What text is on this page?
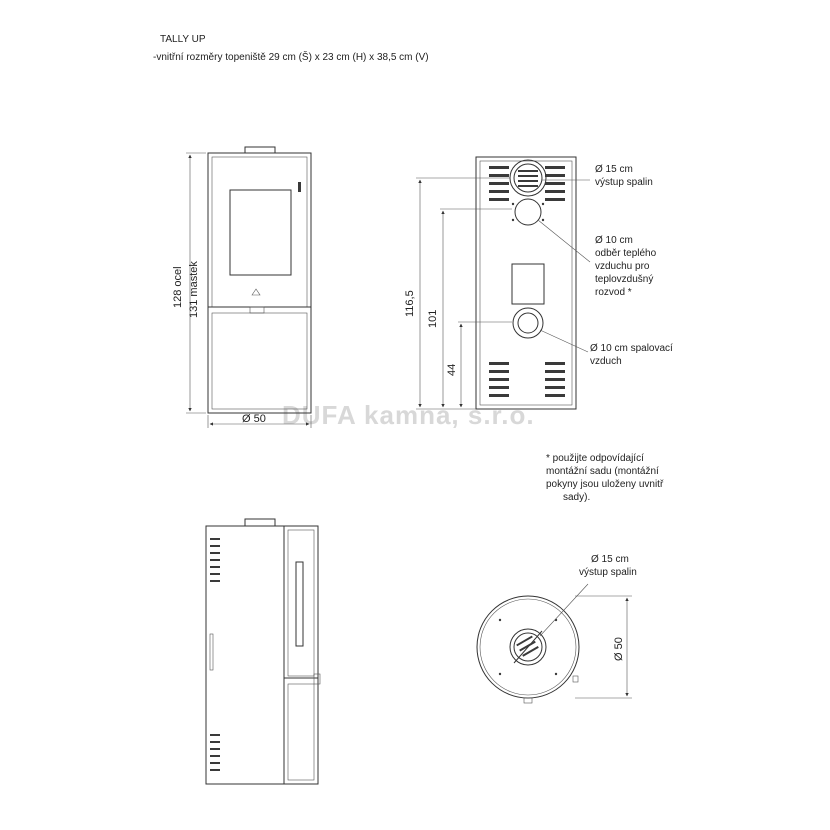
TALLY UP
-vnitřní rozměry topeniště 29 cm (Š) x 23 cm (H) x 38,5 cm (V)
DUFA kamna, s.r.o.
128 ocel 131 mastek
Ø 50
116,5
101
44
Ø 15 cm
výstup spalin
Ø 10 cm
odběr teplého
vzduchu pro
teplovzdušný
rozvod *
Ø 10 cm spalovací
vzduch
* použijte odpovídající
montážní sadu (montážní
pokyny jsou uloženy uvnitř
sady).
Ø 50
Ø 15 cm
výstup spalin
